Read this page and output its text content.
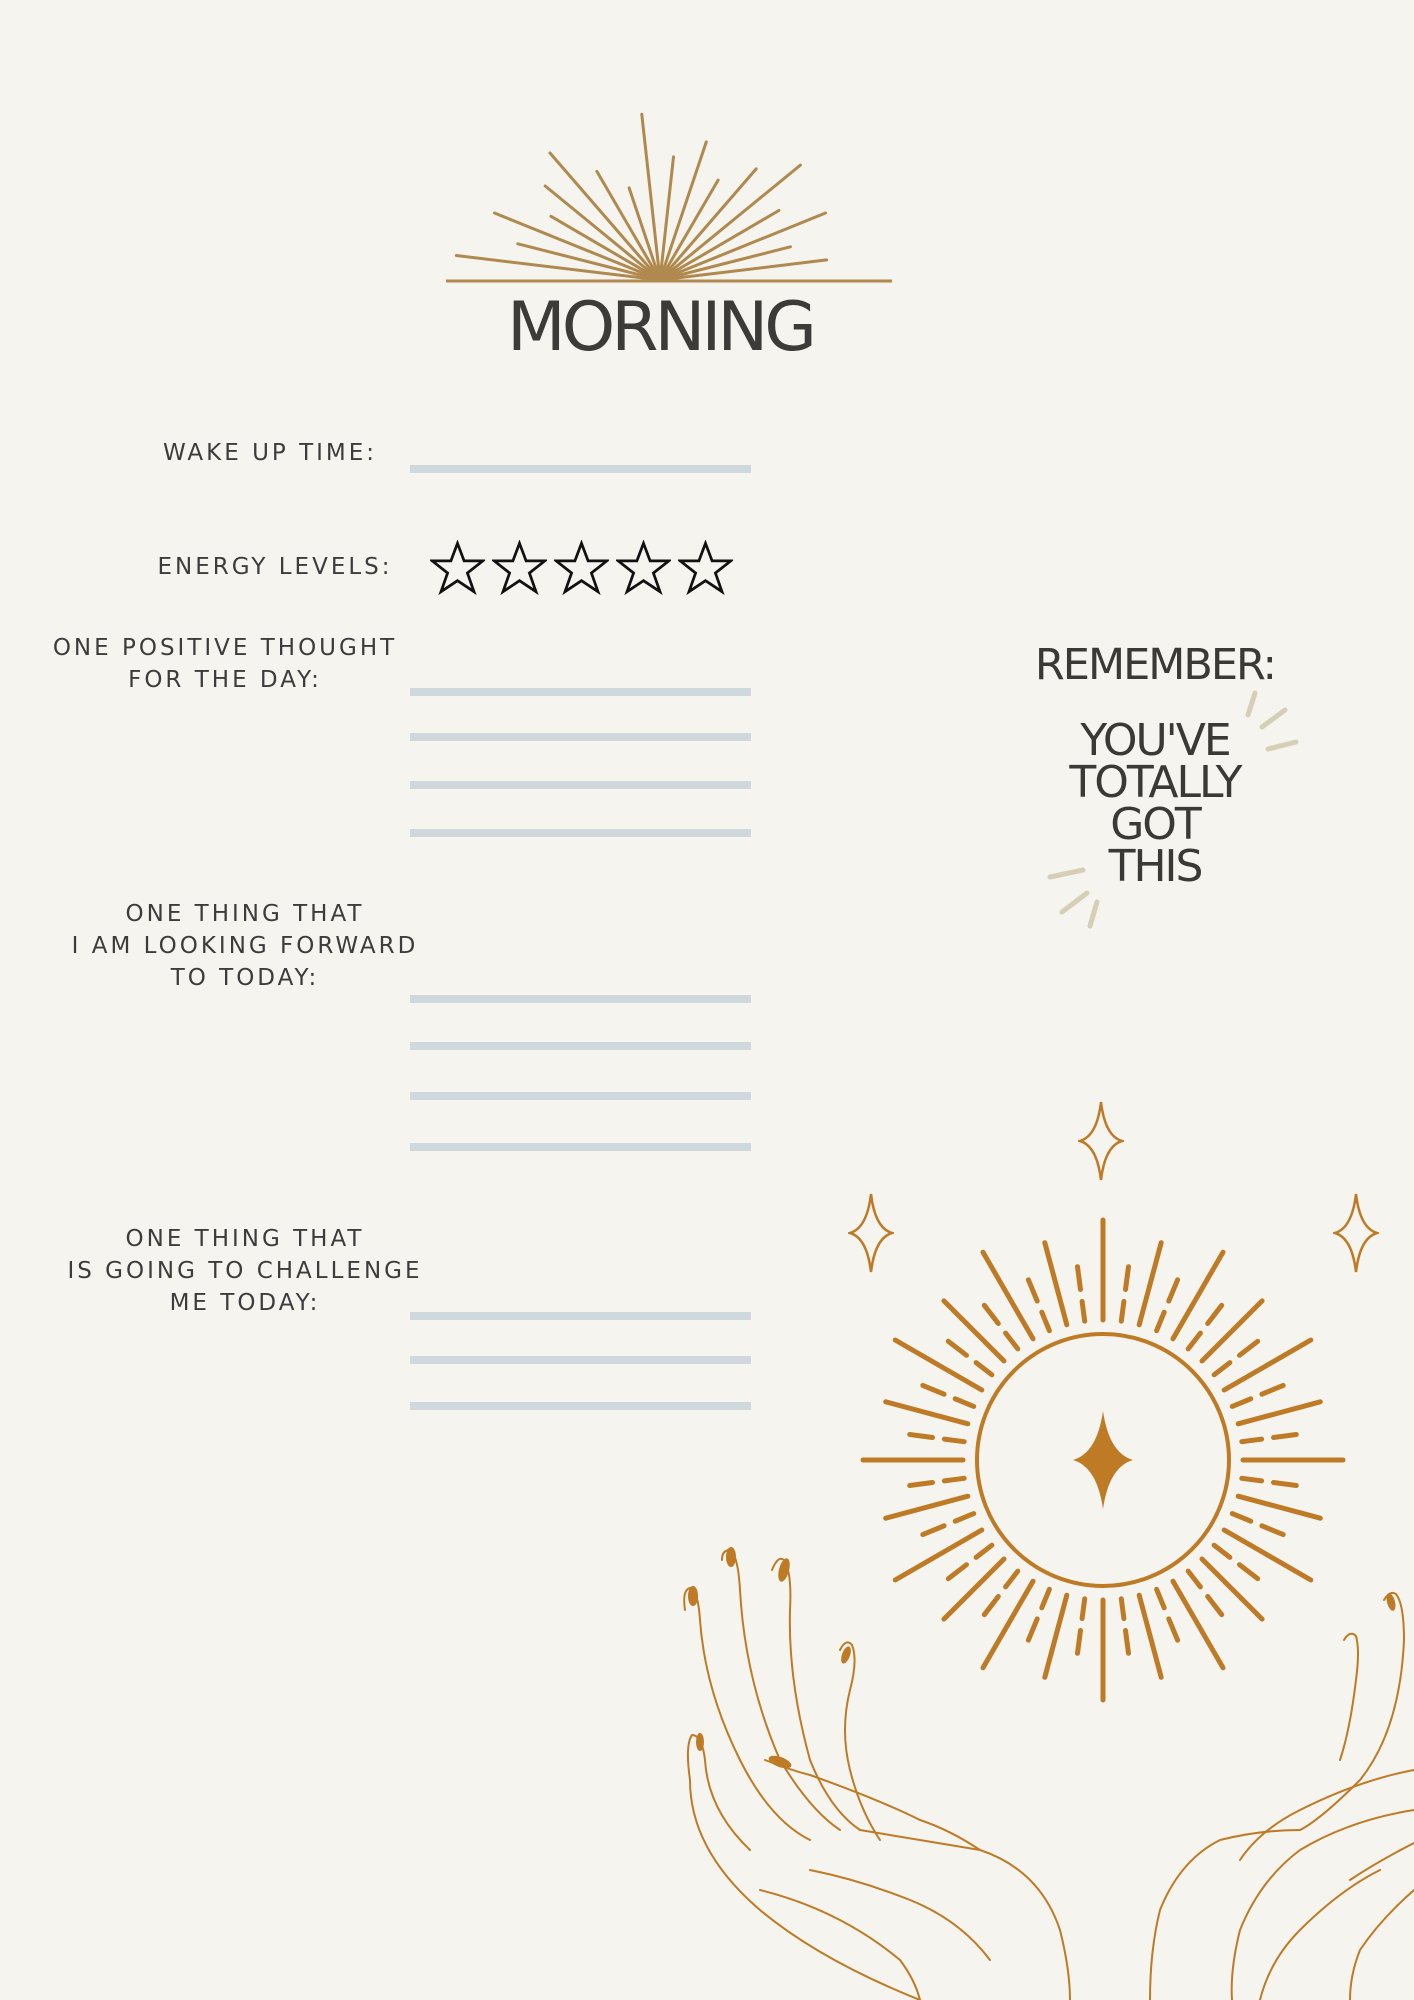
MORNING
WAKE UP TIME:
ENERGY LEVELS:
ONE POSITIVE THOUGHT
FOR THE DAY:
ONE THING THAT
I AM LOOKING FORWARD
TO TODAY:
ONE THING THAT
IS GOING TO CHALLENGE
ME TODAY:
REMEMBER:
YOU'VE
TOTALLY
GOT
THIS
